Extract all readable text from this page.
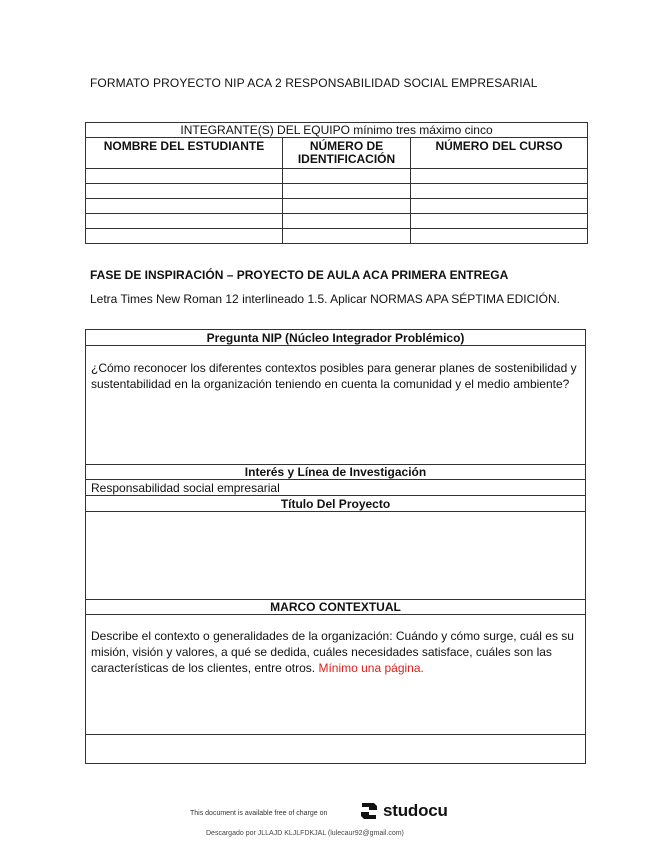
FORMATO PROYECTO NIP ACA 2 RESPONSABILIDAD SOCIAL EMPRESARIAL
INTEGRANTE(S) DEL EQUIPO mínimo tres máximo cinco		
NOMBRE DEL ESTUDIANTE	NÚMERO DE IDENTIFICACIÓN	NÚMERO DEL CURSO

FASE DE INSPIRACIÓN – PROYECTO DE AULA ACA PRIMERA ENTREGA
Letra Times New Roman 12 interlineado 1.5. Aplicar NORMAS APA SÉPTIMA EDICIÓN.
Pregunta NIP (Núcleo Integrador Problémico)
¿Cómo reconocer los diferentes contextos posibles para generar planes de sostenibilidad y sustentabilidad en la organización teniendo en cuenta la comunidad y el medio ambiente?
Interés y Línea de Investigación
Responsabilidad social empresarial
Título Del Proyecto
MARCO CONTEXTUAL
Describe el contexto o generalidades de la organización: Cuándo y cómo surge, cuál es su misión, visión y valores, a qué se dedida, cuáles necesidades satisface, cuáles son las características de los clientes, entre otros. Mínimo una página.
This document is available free of charge on	studocu
Descargado por JLLAJD KLJLFDKJAL (lulecaur92@gmail.com)
